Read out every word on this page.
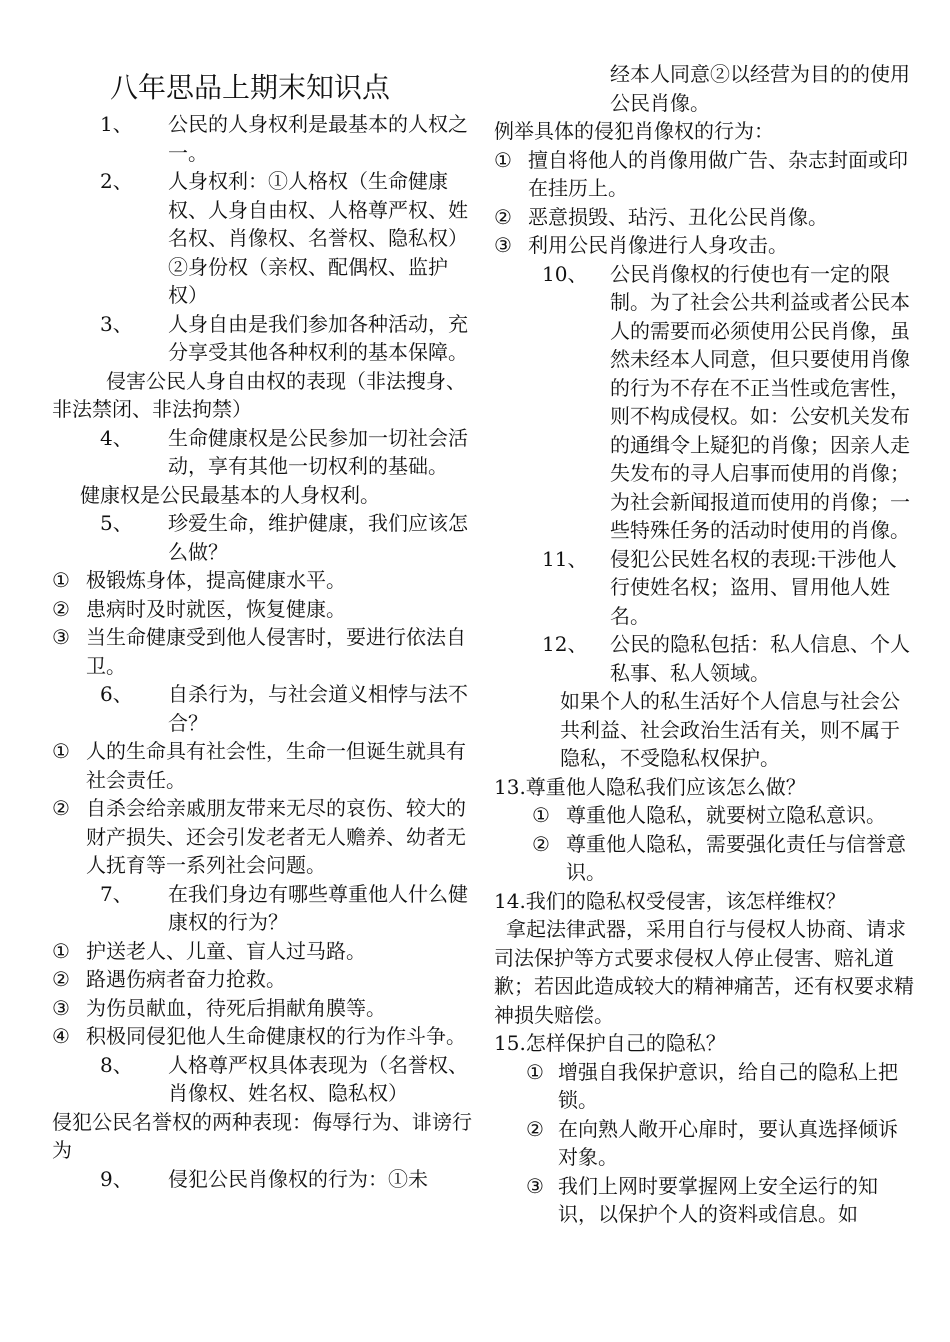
八年思品上期末知识点
1、 公民的人身权利是最基本的人权之一。
2、 人身权利：①人格权（生命健康权、人身自由权、人格尊严权、姓名权、肖像权、名誉权、隐私权）②身份权（亲权、配偶权、监护权）
3、 人身自由是我们参加各种活动，充分享受其他各种权利的基本保障。
侵害公民人身自由权的表现（非法搜身、非法禁闭、非法拘禁）
4、 生命健康权是公民参加一切社会活动，享有其他一切权利的基础。
健康权是公民最基本的人身权利。
5、 珍爱生命，维护健康，我们应该怎么做？
① 极锻炼身体，提高健康水平。
② 患病时及时就医，恢复健康。
③ 当生命健康受到他人侵害时，要进行依法自卫。
6、 自杀行为，与社会道义相悖与法不合？
① 人的生命具有社会性，生命一但诞生就具有社会责任。
② 自杀会给亲戚朋友带来无尽的哀伤、较大的财产损失、还会引发老者无人赡养、幼者无人抚育等一系列社会问题。
7、 在我们身边有哪些尊重他人什么健康权的行为？
① 护送老人、儿童、盲人过马路。
② 路遇伤病者奋力抢救。
③ 为伤员献血，待死后捐献角膜等。
④ 积极同侵犯他人生命健康权的行为作斗争。
8、 人格尊严权具体表现为（名誉权、肖像权、姓名权、隐私权）
侵犯公民名誉权的两种表现：侮辱行为、诽谤行为
9、 侵犯公民肖像权的行为：①未
经本人同意②以经营为目的的使用公民肖像。
例举具体的侵犯肖像权的行为：
① 擅自将他人的肖像用做广告、杂志封面或印在挂历上。
② 恶意损毁、玷污、丑化公民肖像。
③ 利用公民肖像进行人身攻击。
10、 公民肖像权的行使也有一定的限制。为了社会公共利益或者公民本人的需要而必须使用公民肖像，虽然未经本人同意，但只要使用肖像的行为不存在不正当性或危害性，则不构成侵权。如：公安机关发布的通缉令上疑犯的肖像；因亲人走失发布的寻人启事而使用的肖像；为社会新闻报道而使用的肖像；一些特殊任务的活动时使用的肖像。
11、 侵犯公民姓名权的表现:干涉他人行使姓名权；盗用、冒用他人姓名。
12、 公民的隐私包括：私人信息、个人私事、私人领域。
如果个人的私生活好个人信息与社会公共利益、社会政治生活有关，则不属于隐私，不受隐私权保护。
13.尊重他人隐私我们应该怎么做？
① 尊重他人隐私，就要树立隐私意识。
② 尊重他人隐私，需要强化责任与信誉意识。
14.我们的隐私权受侵害，该怎样维权？
拿起法律武器，采用自行与侵权人协商、请求司法保护等方式要求侵权人停止侵害、赔礼道歉；若因此造成较大的精神痛苦，还有权要求精神损失赔偿。
15.怎样保护自己的隐私？
① 增强自我保护意识，给自己的隐私上把锁。
② 在向熟人敞开心扉时，要认真选择倾诉对象。
③ 我们上网时要掌握网上安全运行的知识，以保护个人的资料或信息。如
